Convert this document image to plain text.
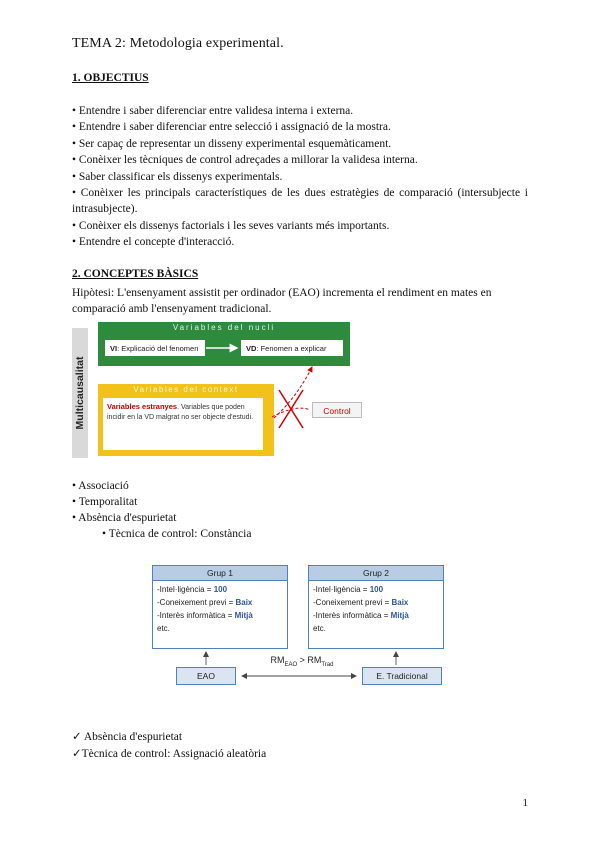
TEMA 2: Metodologia experimental.
1. OBJECTIUS
• Entendre i saber diferenciar entre validesa interna i externa.
• Entendre i saber diferenciar entre selecció i assignació de la mostra.
• Ser capaç de representar un disseny experimental esquemàticament.
• Conèixer les tècniques de control adreçades a millorar la validesa interna.
• Saber classificar els dissenys experimentals.
• Conèixer les principals característiques de les dues estratègies de comparació (intersubjecte i intrasubjecte).
• Conèixer els dissenys factorials i les seves variants més importants.
• Entendre el concepte d'interacció.
2. CONCEPTES BÀSICS
Hipòtesi: L'ensenyament assistit per ordinador (EAO) incrementa el rendiment en mates en comparació amb l'ensenyament tradicional.
Multicausalitat
Variables del nucli
VI: Explicació del fenomen	VD: Fenomen a explicar
Variables del context
Variables estranyes. Variables que poden incidir en la VD malgrat no ser objecte d'estudi.
Control
• Associació
• Temporalitat
• Absència d'espurietat
• Tècnica de control: Constància
Grup 1
-Intel·ligència = 100
-Coneixement previ = Baix
-Interès informàtica = Mitjà
etc.
Grup 2
-Intel·ligència = 100
-Coneixement previ = Baix
-Interès informàtica = Mitjà
etc.
$RM_{EAO} > RM_{Trad}$
EAO	E. Tradicional
✓ Absència d'espurietat
✓Tècnica de control: Assignació aleatòria
1
